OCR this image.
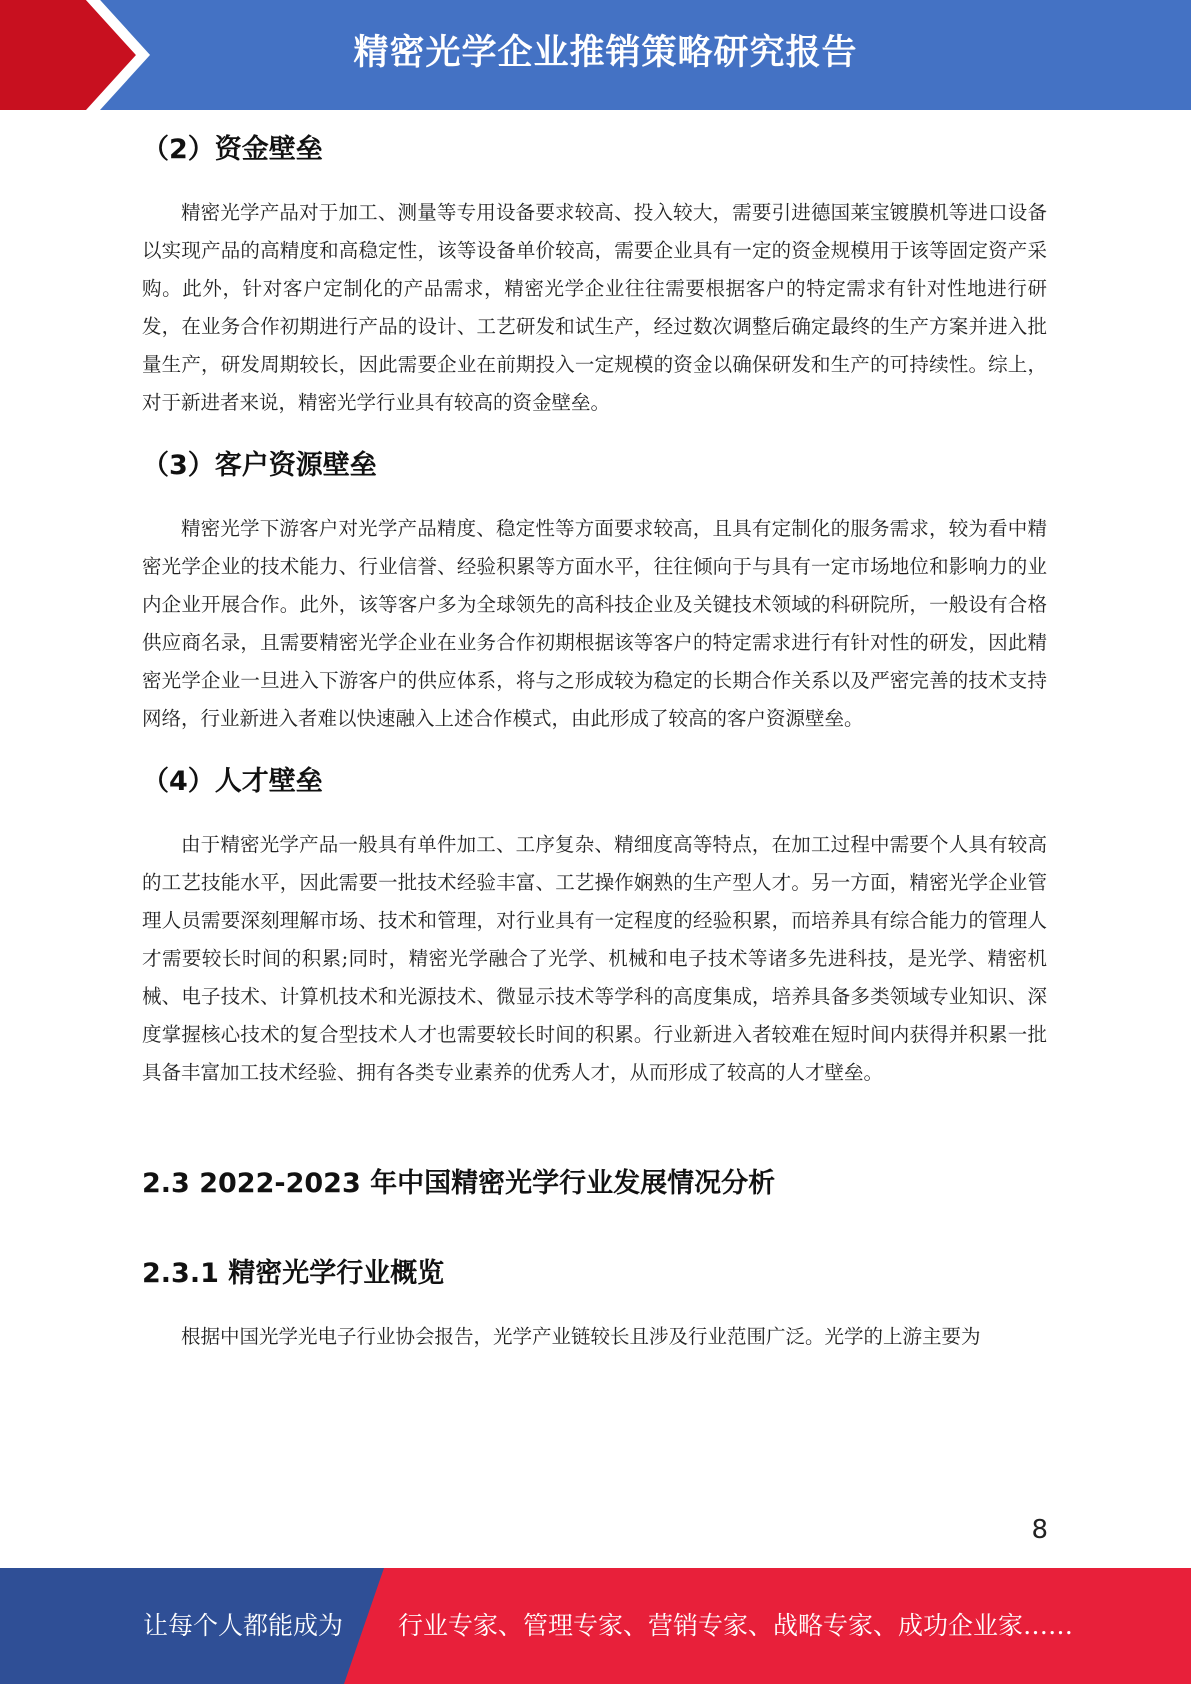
精密光学企业推销策略研究报告
（2）资金壁垒

精密光学产品对于加工、测量等专用设备要求较高、投入较大，需要引进德国莱宝镀膜机等进口设备以实现产品的高精度和高稳定性，该等设备单价较高，需要企业具有一定的资金规模用于该等固定资产采购。此外，针对客户定制化的产品需求，精密光学企业往往需要根据客户的特定需求有针对性地进行研发，在业务合作初期进行产品的设计、工艺研发和试生产，经过数次调整后确定最终的生产方案并进入批量生产，研发周期较长，因此需要企业在前期投入一定规模的资金以确保研发和生产的可持续性。综上，对于新进者来说，精密光学行业具有较高的资金壁垒。

（3）客户资源壁垒

精密光学下游客户对光学产品精度、稳定性等方面要求较高，且具有定制化的服务需求，较为看中精密光学企业的技术能力、行业信誉、经验积累等方面水平，往往倾向于与具有一定市场地位和影响力的业内企业开展合作。此外，该等客户多为全球领先的高科技企业及关键技术领域的科研院所，一般设有合格供应商名录，且需要精密光学企业在业务合作初期根据该等客户的特定需求进行有针对性的研发，因此精密光学企业一旦进入下游客户的供应体系，将与之形成较为稳定的长期合作关系以及严密完善的技术支持网络，行业新进入者难以快速融入上述合作模式，由此形成了较高的客户资源壁垒。

（4）人才壁垒

由于精密光学产品一般具有单件加工、工序复杂、精细度高等特点，在加工过程中需要个人具有较高的工艺技能水平，因此需要一批技术经验丰富、工艺操作娴熟的生产型人才。另一方面，精密光学企业管理人员需要深刻理解市场、技术和管理，对行业具有一定程度的经验积累，而培养具有综合能力的管理人才需要较长时间的积累;同时，精密光学融合了光学、机械和电子技术等诸多先进科技，是光学、精密机械、电子技术、计算机技术和光源技术、微显示技术等学科的高度集成，培养具备多类领域专业知识、深度掌握核心技术的复合型技术人才也需要较长时间的积累。行业新进入者较难在短时间内获得并积累一批具备丰富加工技术经验、拥有各类专业素养的优秀人才，从而形成了较高的人才壁垒。

2.3 2022-2023 年中国精密光学行业发展情况分析
2.3.1 精密光学行业概览

根据中国光学光电子行业协会报告，光学产业链较长且涉及行业范围广泛。光学的上游主要为

8
让每个人都能成为 行业专家、管理专家、营销专家、战略专家、成功企业家……
